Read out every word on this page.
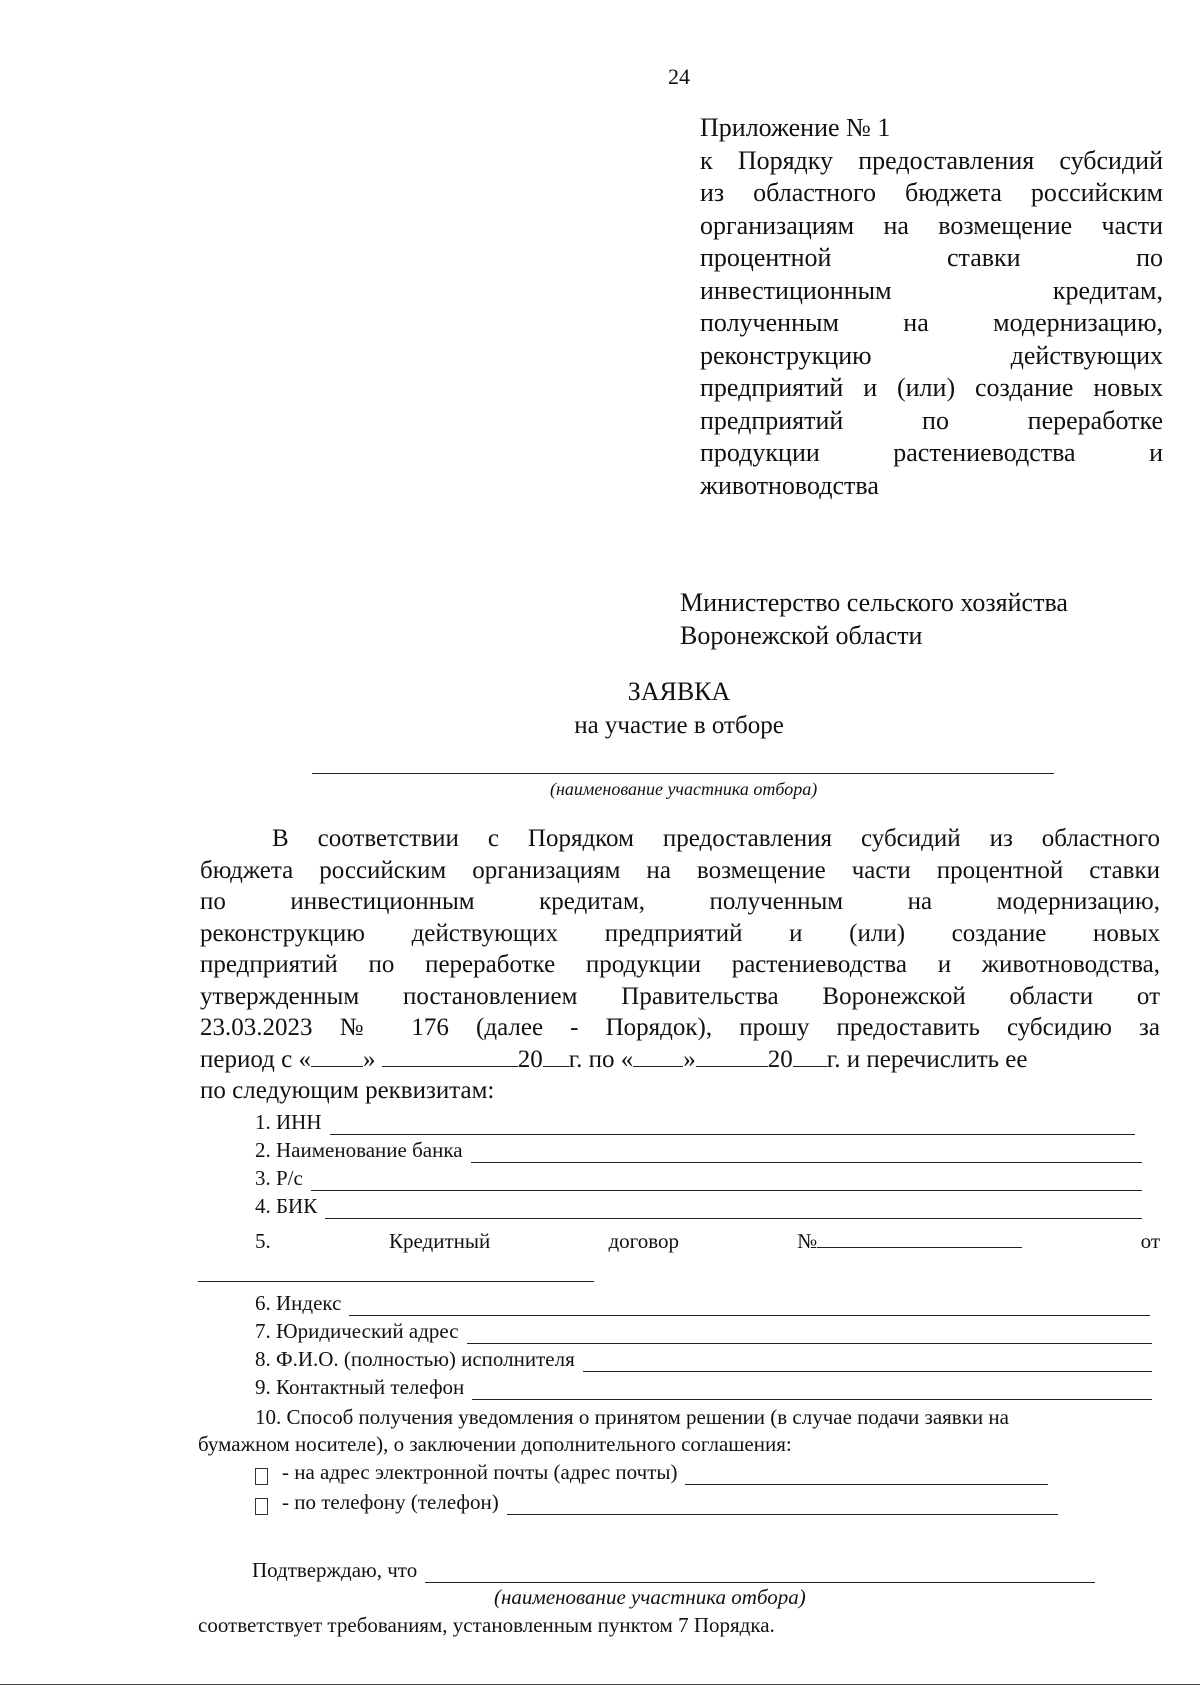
24
Приложение № 1
к Порядку предоставления субсидий
из областного бюджета российским
организациям на возмещение части
процентной ставки по
инвестиционным кредитам,
полученным на модернизацию,
реконструкцию действующих
предприятий и (или) создание новых
предприятий по переработке
продукции растениеводства и
животноводства
Министерство сельского хозяйства
Воронежской области
ЗАЯВКА
на участие в отборе
(наименование участника отбора)
В соответствии с Порядком предоставления субсидий из областного
бюджета российским организациям на возмещение части процентной ставки
по инвестиционным кредитам, полученным на модернизацию,
реконструкцию действующих предприятий и (или) создание новых
предприятий по переработке продукции растениеводства и животноводства,
утвержденным постановлением Правительства Воронежской области от
23.03.2023 № 176 (далее - Порядок), прошу предоставить субсидию за
период с « »	20 г. по « »	20 г. и перечислить ее
по следующим реквизитам:
1. ИНН
2. Наименование банка
3. Р/с
4. БИК
5.	Кредитный	договор	№	от
6. Индекс
7. Юридический адрес
8. Ф.И.О. (полностью) исполнителя
9. Контактный телефон
10. Способ получения уведомления о принятом решении (в случае подачи заявки на
бумажном носителе), о заключении дополнительного соглашения:
- на адрес электронной почты (адрес почты)
- по телефону (телефон)
Подтверждаю, что
(наименование участника отбора)
соответствует требованиям, установленным пунктом 7 Порядка.
